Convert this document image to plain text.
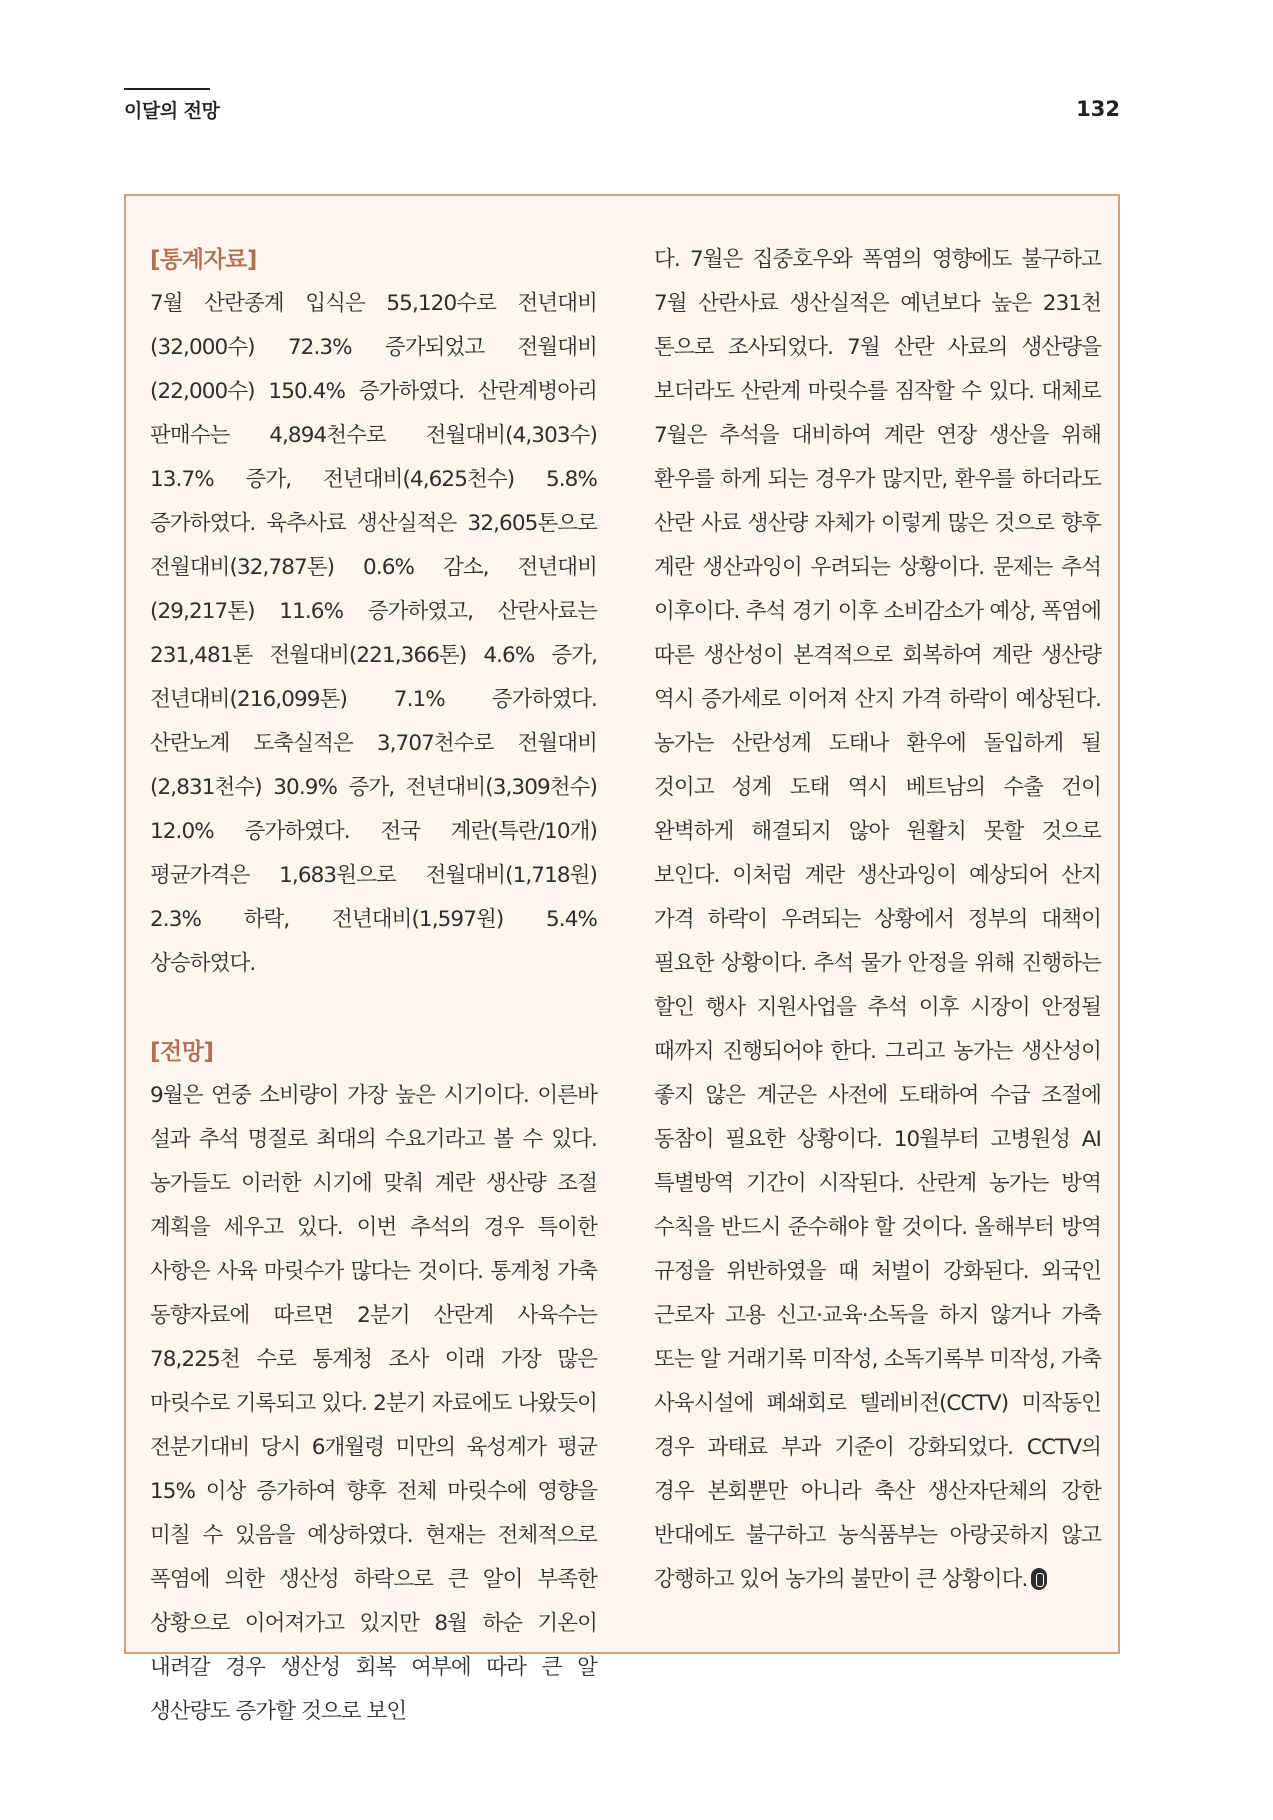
이달의 전망	132

[통계자료]

7월 산란종계 입식은 55,120수로 전년대비(32,000수) 72.3% 증가되었고 전월대비(22,000수) 150.4% 증가하였다. 산란계병아리 판매수는 4,894천수로 전월대비(4,303수) 13.7% 증가, 전년대비(4,625천수) 5.8% 증가하였다. 육추사료 생산실적은 32,605톤으로 전월대비(32,787톤) 0.6% 감소, 전년대비(29,217톤) 11.6% 증가하였고, 산란사료는 231,481톤 전월대비(221,366톤) 4.6% 증가, 전년대비(216,099톤) 7.1% 증가하였다. 산란노계 도축실적은 3,707천수로 전월대비(2,831천수) 30.9% 증가, 전년대비(3,309천수) 12.0% 증가하였다. 전국 계란(특란/10개) 평균가격은 1,683원으로 전월대비(1,718원) 2.3% 하락, 전년대비(1,597원) 5.4% 상승하였다.

[전망]

9월은 연중 소비량이 가장 높은 시기이다. 이른바 설과 추석 명절로 최대의 수요기라고 볼 수 있다. 농가들도 이러한 시기에 맞춰 계란 생산량 조절 계획을 세우고 있다. 이번 추석의 경우 특이한 사항은 사육 마릿수가 많다는 것이다. 통계청 가축 동향자료에 따르면 2분기 산란계 사육수는 78,225천 수로 통계청 조사 이래 가장 많은 마릿수로 기록되고 있다. 2분기 자료에도 나왔듯이 전분기대비 당시 6개월령 미만의 육성계가 평균 15% 이상 증가하여 향후 전체 마릿수에 영향을 미칠 수 있음을 예상하였다. 현재는 전체적으로 폭염에 의한 생산성 하락으로 큰 알이 부족한 상황으로 이어져가고 있지만 8월 하순 기온이 내려갈 경우 생산성 회복 여부에 따라 큰 알 생산량도 증가할 것으로 보인

다. 7월은 집중호우와 폭염의 영향에도 불구하고 7월 산란사료 생산실적은 예년보다 높은 231천 톤으로 조사되었다. 7월 산란 사료의 생산량을 보더라도 산란계 마릿수를 짐작할 수 있다. 대체로 7월은 추석을 대비하여 계란 연장 생산을 위해 환우를 하게 되는 경우가 많지만, 환우를 하더라도 산란 사료 생산량 자체가 이렇게 많은 것으로 향후 계란 생산과잉이 우려되는 상황이다. 문제는 추석 이후이다. 추석 경기 이후 소비감소가 예상, 폭염에 따른 생산성이 본격적으로 회복하여 계란 생산량 역시 증가세로 이어져 산지 가격 하락이 예상된다. 농가는 산란성계 도태나 환우에 돌입하게 될 것이고 성계 도태 역시 베트남의 수출 건이 완벽하게 해결되지 않아 원활치 못할 것으로 보인다. 이처럼 계란 생산과잉이 예상되어 산지 가격 하락이 우려되는 상황에서 정부의 대책이 필요한 상황이다. 추석 물가 안정을 위해 진행하는 할인 행사 지원사업을 추석 이후 시장이 안정될 때까지 진행되어야 한다. 그리고 농가는 생산성이 좋지 않은 계군은 사전에 도태하여 수급 조절에 동참이 필요한 상황이다. 10월부터 고병원성 AI 특별방역 기간이 시작된다. 산란계 농가는 방역 수칙을 반드시 준수해야 할 것이다. 올해부터 방역 규정을 위반하였을 때 처벌이 강화된다. 외국인 근로자 고용 신고·교육·소독을 하지 않거나 가축 또는 알 거래기록 미작성, 소독기록부 미작성, 가축 사육시설에 폐쇄회로 텔레비전(CCTV) 미작동인 경우 과태료 부과 기준이 강화되었다. CCTV의 경우 본회뿐만 아니라 축산 생산자단체의 강한 반대에도 불구하고 농식품부는 아랑곳하지 않고 강행하고 있어 농가의 불만이 큰 상황이다.
